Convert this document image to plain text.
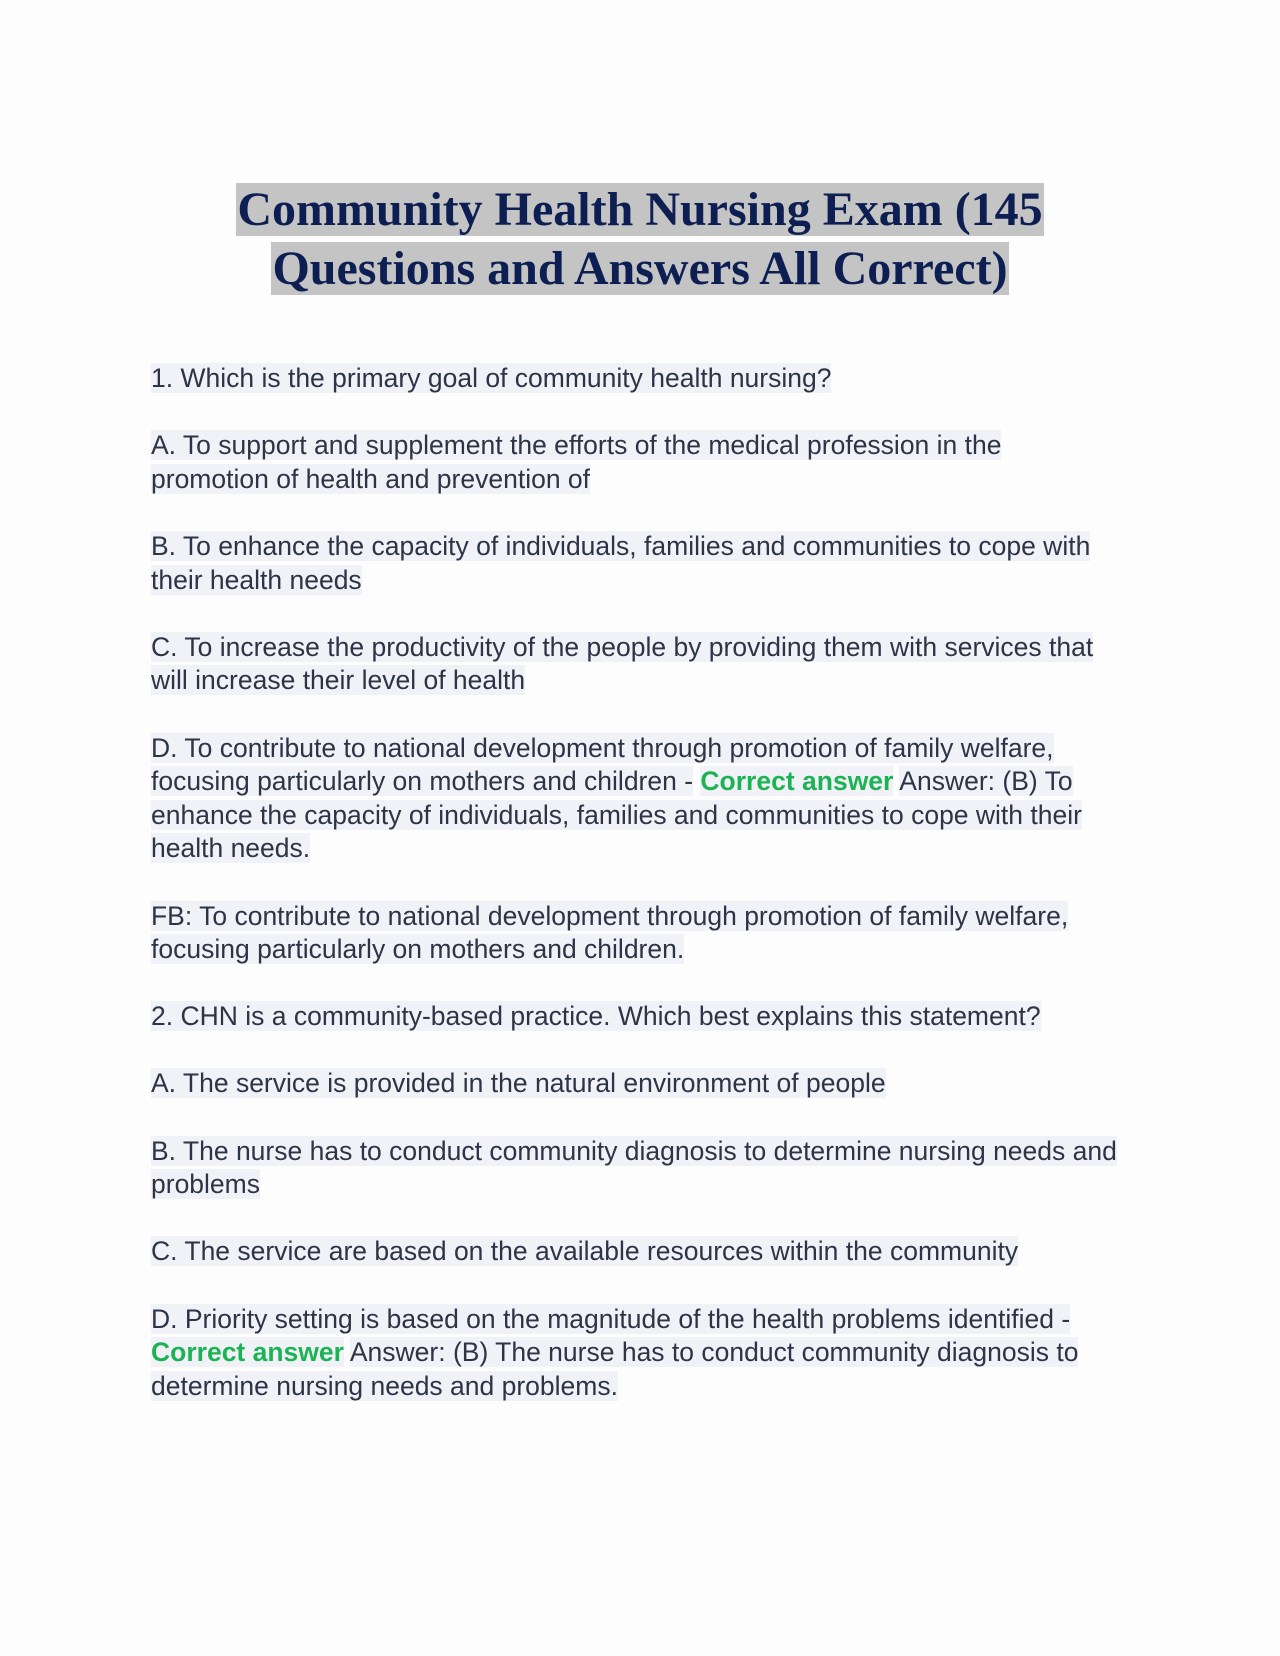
Community Health Nursing Exam (145
Questions and Answers All Correct)

1. Which is the primary goal of community health nursing?

A. To support and supplement the efforts of the medical profession in the promotion of health and prevention of

B. To enhance the capacity of individuals, families and communities to cope with their health needs

C. To increase the productivity of the people by providing them with services that will increase their level of health

D. To contribute to national development through promotion of family welfare, focusing particularly on mothers and children - Correct answer Answer: (B) To enhance the capacity of individuals, families and communities to cope with their health needs.

FB: To contribute to national development through promotion of family welfare, focusing particularly on mothers and children.

2. CHN is a community-based practice. Which best explains this statement?

A. The service is provided in the natural environment of people

B. The nurse has to conduct community diagnosis to determine nursing needs and problems

C. The service are based on the available resources within the community

D. Priority setting is based on the magnitude of the health problems identified - Correct answer Answer: (B) The nurse has to conduct community diagnosis to determine nursing needs and problems.
